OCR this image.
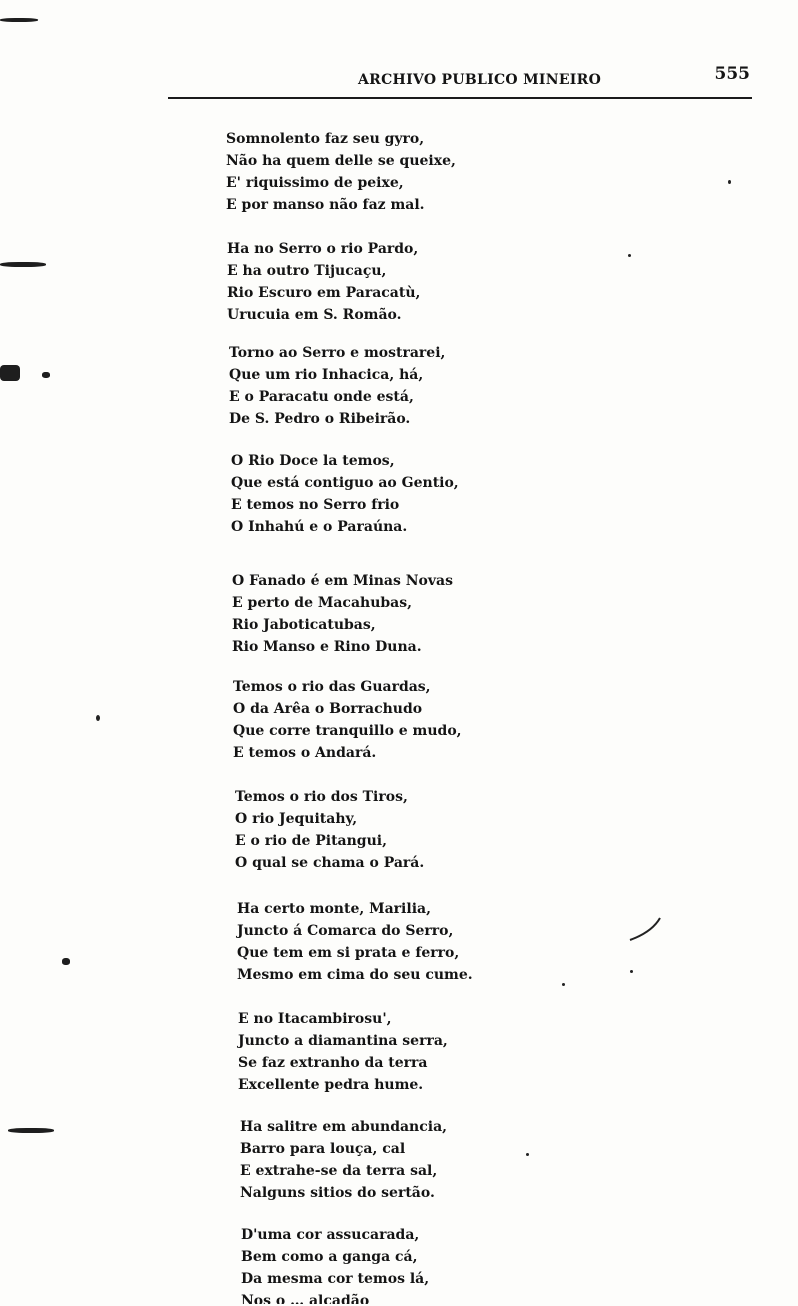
ARCHIVO PUBLICO MINEIRO	555
Somnolento faz seu gyro,
Não ha quem delle se queixe,
E' riquissimo de peixe,
E por manso não faz mal.
Ha no Serro o rio Pardo,
E ha outro Tijucaçu,
Rio Escuro em Paracatù,
Urucuia em S. Romão.
Torno ao Serro e mostrarei,
Que um rio Inhacica, há,
E o Paracatu onde está,
De S. Pedro o Ribeirão.
O Rio Doce la temos,
Que está contiguo ao Gentio,
E temos no Serro frio
O Inhahú e o Paraúna.
O Fanado é em Minas Novas
E perto de Macahubas,
Rio Jaboticatubas,
Rio Manso e Rino Duna.
Temos o rio das Guardas,
O da Arêa o Borrachudo
Que corre tranquillo e mudo,
E temos o Andará.
Temos o rio dos Tiros,
O rio Jequitahy,
E o rio de Pitangui,
O qual se chama o Pará.
Ha certo monte, Marilia,
Juncto á Comarca do Serro,
Que tem em si prata e ferro,
Mesmo em cima do seu cume.
E no Itacambirosu',
Juncto a diamantina serra,
Se faz extranho da terra
Excellente pedra hume.
Ha salitre em abundancia,
Barro para louça, cal
E extrahe-se da terra sal,
Nalguns sitios do sertão.
D'uma cor assucarada,
Bem como a ganga cá,
Da mesma cor temos lá,
Nos o … alcadão
